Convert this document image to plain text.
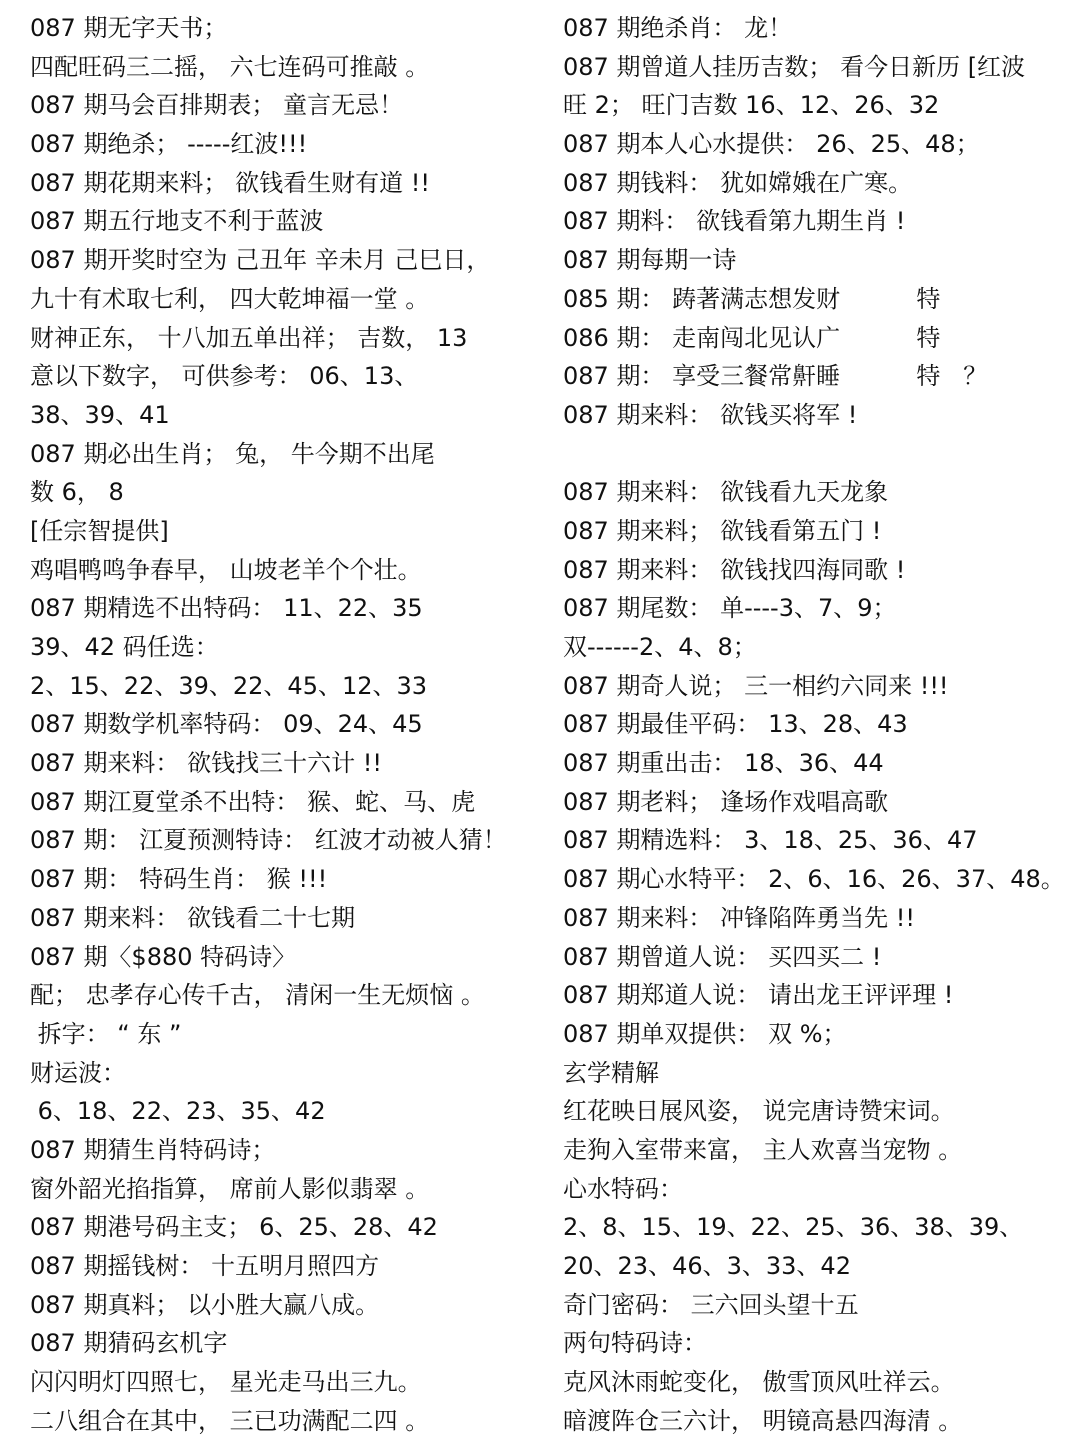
087 期无字天书；
四配旺码三二摇， 六七连码可推敲 。
087 期马会百排期表； 童言无忌！
087 期绝杀； -----红波!!!
087 期花期来料； 欲钱看生财有道 !!
087 期五行地支不利于蓝波
087 期开奖时空为 己丑年 辛未月 己巳日，
九十有术取七利， 四大乾坤福一堂 。
财神正东， 十八加五单出祥； 吉数， 13
意以下数字， 可供参考： 06、13、
38、39、41
087 期必出生肖； 兔， 牛今期不出尾
数 6， 8
[任宗智提供]
鸡唱鸭鸣争春早， 山坡老羊个个壮。
087 期精选不出特码： 11、22、35
39、42 码任选：
2、15、22、39、22、45、12、33
087 期数学机率特码： 09、24、45
087 期来料： 欲钱找三十六计 !!
087 期江夏堂杀不出特： 猴、蛇、马、虎
087 期： 江夏预测特诗： 红波才动被人猜！
087 期： 特码生肖： 猴 !!!
087 期来料： 欲钱看二十七期
087 期〈$880 特码诗〉
配； 忠孝存心传千古， 清闲一生无烦恼 。
拆字： “ 东 ”
财运波：
6、18、22、23、35、42
087 期猜生肖特码诗；
窗外韶光掐指算， 席前人影似翡翠 。
087 期港号码主支； 6、25、28、42
087 期摇钱树： 十五明月照四方
087 期真料； 以小胜大赢八成。
087 期猜码玄机字
闪闪明灯四照七， 星光走马出三九。
二八组合在其中， 三已功满配二四 。
087 期绝杀肖： 龙！
087 期曾道人挂历吉数； 看今日新历 [红波
旺 2； 旺门吉数 16、12、26、32
087 期本人心水提供： 26、25、48；
087 期钱料： 犹如嫦娥在广寒。
087 期料： 欲钱看第九期生肖 !
087 期每期一诗
085 期： 踌著满志想发财          特
086 期： 走南闯北见认广          特
087 期： 享受三餐常鼾睡          特   ？
087 期来料： 欲钱买将军 !
087 期来料： 欲钱看九天龙象
087 期来料； 欲钱看第五门 !
087 期来料： 欲钱找四海同歌 !
087 期尾数： 单----3、7、9；
双------2、4、8；
087 期奇人说； 三一相约六同来 !!!
087 期最佳平码： 13、28、43
087 期重出击： 18、36、44
087 期老料； 逢场作戏唱高歌
087 期精选料： 3、18、25、36、47
087 期心水特平： 2、6、16、26、37、48。
087 期来料： 冲锋陷阵勇当先 !!
087 期曾道人说： 买四买二 !
087 期郑道人说： 请出龙王评评理 !
087 期单双提供： 双 %；
玄学精解
红花映日展风姿， 说完唐诗赞宋词。
走狗入室带来富， 主人欢喜当宠物 。
心水特码：
2、8、15、19、22、25、36、38、39、
20、23、46、3、33、42
奇门密码： 三六回头望十五
两句特码诗：
克风沐雨蛇变化， 傲雪顶风吐祥云。
暗渡阵仓三六计， 明镜高悬四海清 。
